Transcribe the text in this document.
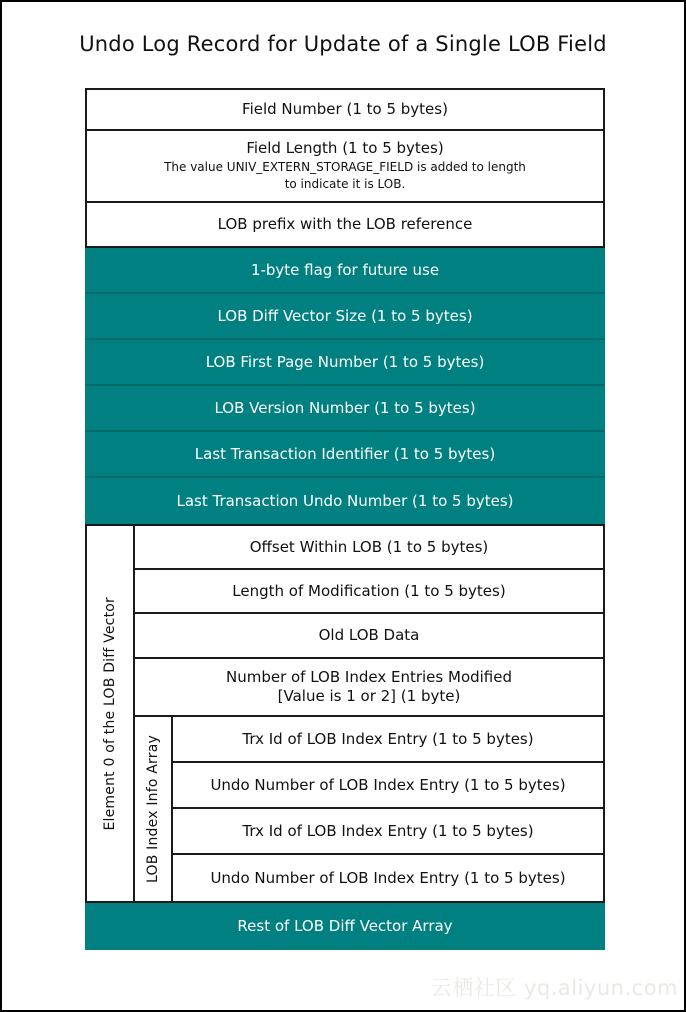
Undo Log Record for Update of a Single LOB Field
Field Number (1 to 5 bytes)
Field Length (1 to 5 bytes)
The value UNIV_EXTERN_STORAGE_FIELD is added to length
to indicate it is LOB.
LOB prefix with the LOB reference
1-byte flag for future use
LOB Diff Vector Size (1 to 5 bytes)
LOB First Page Number (1 to 5 bytes)
LOB Version Number (1 to 5 bytes)
Last Transaction Identifier (1 to 5 bytes)
Last Transaction Undo Number (1 to 5 bytes)
Element 0 of the LOB Diff Vector
Offset Within LOB (1 to 5 bytes)
Length of Modification (1 to 5 bytes)
Old LOB Data
Number of LOB Index Entries Modified
[Value is 1 or 2] (1 byte)
LOB Index Info Array	Trx Id of LOB Index Entry (1 to 5 bytes)
Undo Number of LOB Index Entry (1 to 5 bytes)
Trx Id of LOB Index Entry (1 to 5 bytes)
Undo Number of LOB Index Entry (1 to 5 bytes)
Rest of LOB Diff Vector Array
云栖社区 yq.aliyun.com
